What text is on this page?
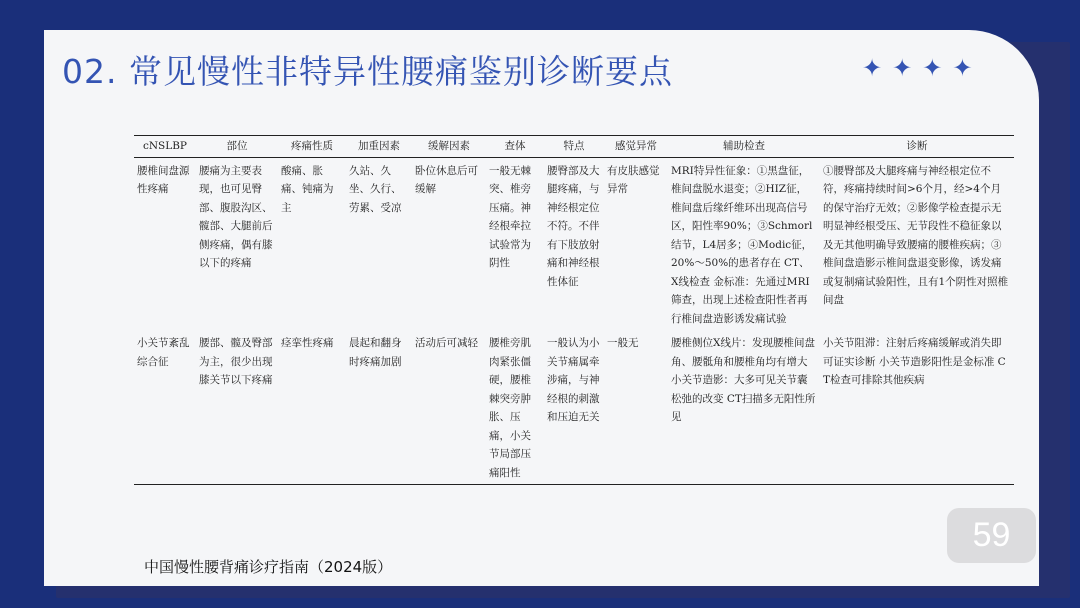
02. 常见慢性非特异性腰痛鉴别诊断要点	✦ ✦ ✦ ✦
cNSLBP	部位	疼痛性质	加重因素	缓解因素	查体	特点	感觉异常	辅助检查	诊断
腰椎间盘源性疼痛	腰痛为主要表现，也可见臀部、腹股沟区、髋部、大腿前后侧疼痛，偶有膝以下的疼痛	酸痛、胀痛、钝痛为主	久站、久坐、久行、劳累、受凉	卧位休息后可缓解	一般无棘突、椎旁压痛。神经根牵拉试验常为阴性	腰臀部及大腿疼痛，与神经根定位不符。不伴有下肢放射痛和神经根性体征	有皮肤感觉异常	MRI特异性征象：①黑盘征，椎间盘脱水退变；②HIZ征，椎间盘后缘纤维环出现高信号区，阳性率90%；③Schmorl结节，L4居多；④Modic征，20%～50%的患者存在 CT、X线检查 金标准：先通过MRI筛查，出现上述检查阳性者再行椎间盘造影诱发痛试验	①腰臀部及大腿疼痛与神经根定位不符，疼痛持续时间>6个月，经>4个月的保守治疗无效；②影像学检查提示无明显神经根受压、无节段性不稳征象以及无其他明确导致腰痛的腰椎疾病；③椎间盘造影示椎间盘退变影像，诱发痛或复制痛试验阳性，且有1个阴性对照椎间盘
小关节紊乱综合征	腰部、髋及臀部为主，很少出现膝关节以下疼痛	痉挛性疼痛	晨起和翻身时疼痛加剧	活动后可减轻	腰椎旁肌肉紧张僵硬，腰椎棘突旁肿胀、压痛，小关节局部压痛阳性	一般认为小关节痛属牵涉痛，与神经根的刺激和压迫无关	一般无	腰椎侧位X线片：发现腰椎间盘角、腰骶角和腰椎角均有增大 小关节造影：大多可见关节囊松弛的改变 CT扫描多无阳性所见	小关节阻滞：注射后疼痛缓解或消失即可证实诊断 小关节造影阳性是金标准 CT检查可排除其他疾病
中国慢性腰背痛诊疗指南（2024版）
59
